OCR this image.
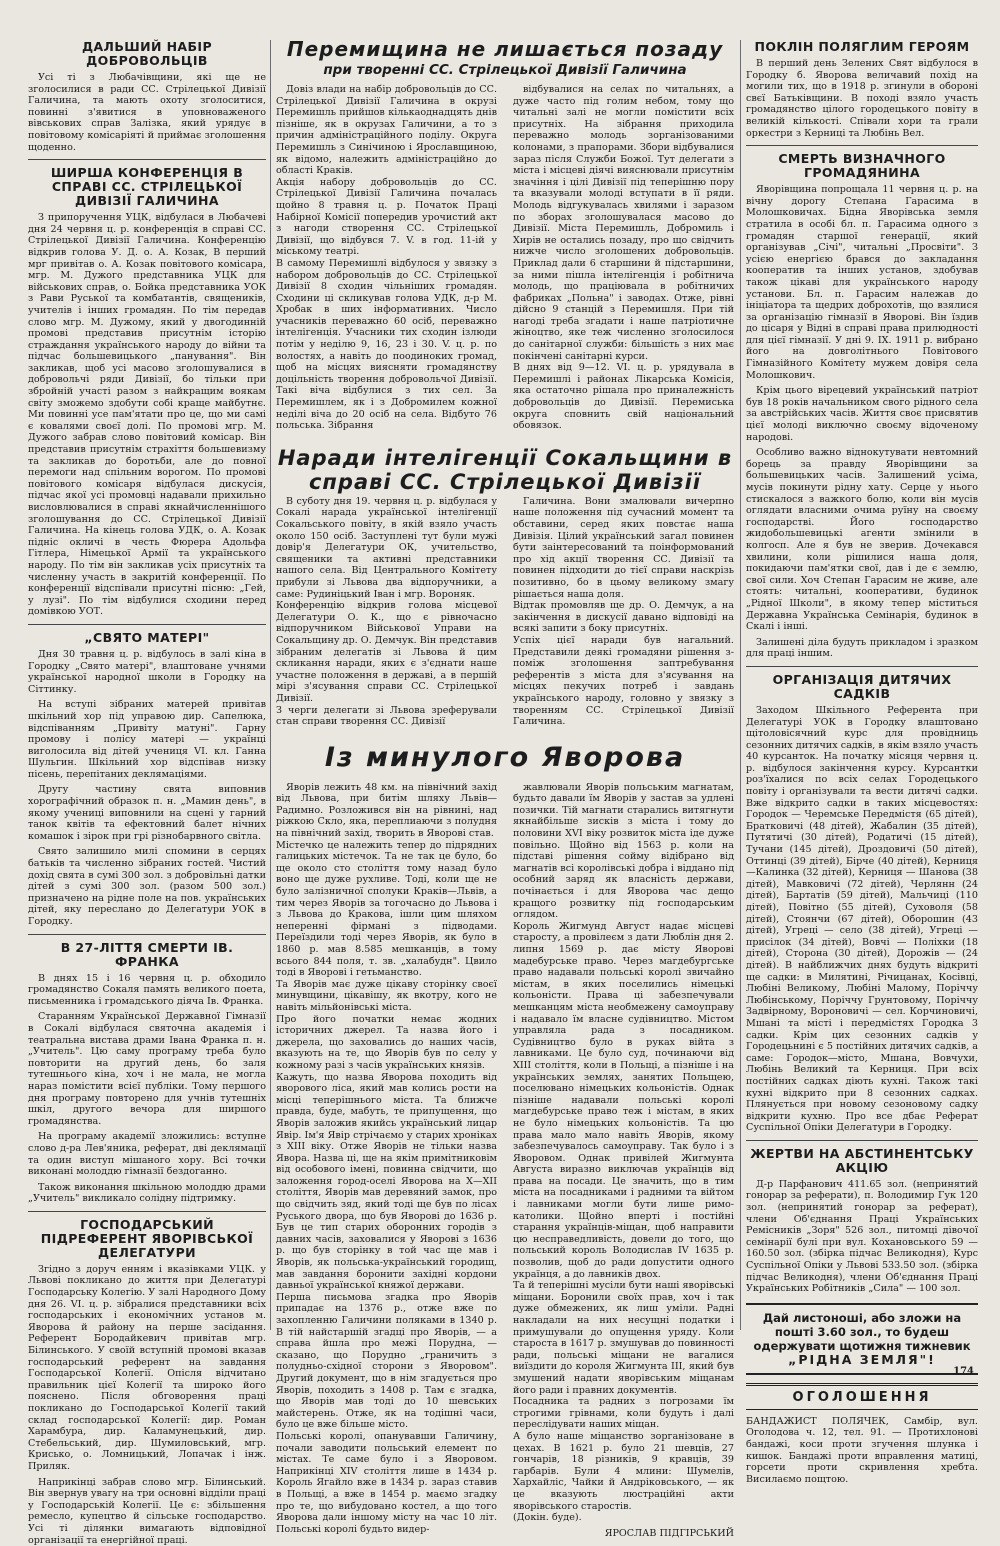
ДАЛЬШИЙ НАБІР ДОБРОВОЛЬЦІВ
Усі ті з Любачівщини, які ще не зголосилися в ради СС. Стрілецької Дивізії Галичина, та мають охоту зголоситися, повинні з'явитися в уповноваженого вівськових справ Залізка, який урядує в повітовому комісаріяті й приймає зголошення щоденно.
ШИРША КОНФЕРЕНЦІЯ В СПРАВІ СС. СТРІЛЕЦЬКОЇ ДИВІЗІЇ ГАЛИЧИНА
З припоручення УЦК, відбулася в Любачеві дня 24 червня ц. р. конференція в справі СС. Стрілецької Дивізії Галичина. Конференцію відкрив голова У. Д. о. А. Козак, В перший мрг привітав о. А. Козак повітового комісара, мгр. М. Дужого представника УЦК для військових справ, о. Бойка представника УОК з Рави Руської та комбатантів, священиків, учителів і інших громадян. По тім передав слово мгр. М. Дужому, який у двогодинній промові представив присутнім історію страждання українського народу до війни та підчас большевицького „панування". Він закликав, щоб усі масово зголошувалися в добровольчі ряди Дивізії, бо тільки при збройній участі разом з найкращим воякам світу зможемо здобути собі краще майбутнє. Ми повинні усе пам'ятати про це, що ми самі є ковалями своєї долі. По промові мгр. М. Дужого забрав слово повітовий комісар. Він представив присутнім страхіття большевизму та закликав до боротьби, але до повної перемоги над спільним ворогом. По промові повітового комісаря відбулася дискусія, підчас якої усі промовці надавали прихильно висловлювалися в справі якнайчисленнішого зголошування до СС. Стрілецької Дивізії Галичина. На кінець голова УДК, о. А. Козак підніс окличі в честь Фюрера Адольфа Гітлера, Німецької Армії та українського народу. По тім він закликав усіх присутніх та численну участь в закритій конференції. По конференції відспівали присутні пісню: „Гей, у лузі". По тім відбулися сходини перед домівкою УОТ.
„СВЯТО МАТЕРІ"
Дня 30 травня ц. р. відбулось в залі кіна в Городку „Свято матері", влаштоване учнями української народної школи в Городку на Сіттинку.
На вступі зібраних матерей привітав шкільний хор під управою дир. Сапелюка, відспіванням „Привіту матуні". Гарну промову і полісу матері — українці виголосила від дітей учениця VI. кл. Ганна Шульгин. Шкільний хор відспівав низку пісень, перепітаних деклямаціями.
Другу частину свята виповнив хорографічний образок п. н. „Мамин день", в якому учениці виповнили на сцені у гарний танок квітів та ефектовний балет нічних комашок і зірок при грі різнобарвного світла.
Свято залишило милі спомини в серцях батьків та численно зібраних гостей. Чистий дохід свята в сумі 300 зол. з добровільні датки дітей з сумі 300 зол. (разом 500 зол.) призначено на рідне поле на пов. українських дітей, яку переслано до Делегатури УОК в Городку.
В 27-ЛІТТЯ СМЕРТИ ІВ. ФРАНКА
В днях 15 і 16 червня ц. р. обходило громадянство Сокаля память великого поета, письменника і громадського діяча Ів. Франка.
Старанням Української Державної Гімназії в Сокалі відбулася святочна академія і театральна вистава драми Івана Франка п. н. „Учитель". Цю саму програму треба було повторити на другий день, бо заля тутешнього кіна, хоч і не мала, не могла нараз помістити всієї публіки. Тому першого дня програму повторено для учнів тутешніх шкіл, другого вечора для ширшого громадянства.
На програму академії зложились: вступне слово д-ра Лев'яника, реферат, дві деклямації та один виступ мішаного хору. Всі точки виконані молоддю гімназії бездоганно.
Також виконання шкільною молоддю драми „Учитель" викликало солідну підтримку.
ГОСПОДАРСЬКИЙ ПІДРЕФЕРЕНТ ЯВОРІВСЬКОЇ ДЕЛЕГАТУРИ
Згідно з доруч енням і вказівками УЦК. у Львові покликано до життя при Делегатурі Господарську Колегію. У залі Народного Дому дня 26. VI. ц. р. зібралися представники всіх господарських і економічних установ м. Яворова й району на перше засідання. Референт Бородайкевич привітав мгр. Білинського. У своїй вступній промові вказав господарський референт на завдання Господарської Колегії. Опісля відчитано правильник цієї Колегії та широко його пояснено. Після обговорення праці покликано до Господарської Колегії такий склад господарської Колегії: дир. Роман Харамбура, дир. Каламунецький, дир. Стебельський, дир. Шумиловський, мгр. Крисько, о. Ломницький, Лопачак і інж. Приляк.
Наприкінці забрав слово мгр. Білинський. Він звернув увагу на три основні відділи праці у Господарській Колегії. Це є: збільшення ремесло, купецтво й сільське господарство. Усі ті ділянки вимагають відповідної організації та енергійної праці.
Перемищина не лишається позаду
при творенні СС. Стрілецької Дивізії Галичина
Довіз влади на набір добровольців до СС. Стрілецької Дивізії Галичина в окрузі Перемишль прийшов кількаоднадцять днів пізніше, як в окрузах Галичини, а то з причин адміністраційного поділу. Округа Перемишль з Синічиною і Ярославщиною, як відомо, належить адміністраційно до області Краків.
Акція набору добровольців до СС. Стрілецької Дивізії Галичина почалась щойно 8 травня ц. р. Початок Праці Набірної Комісії попередив урочистий акт з нагоди створення СС. Стрілецької Дивізії, що відбувся 7. V. в год. 11-ій у міському театрі.
В самому Перемишлі відбулося у звязку з набором добровольців до СС. Стрілецької Дивізії 8 сходин чільніших громадян. Сходини ці скликував голова УДК, д-р М. Хробак в ших інформативних. Число учасників переважно 60 осіб, переважно інтелігенція. Учасники тих сходин ізлюди потім у неділю 9, 16, 23 і 30. V. ц. р. по волостях, а навіть до поодиноких громад, щоб на місцях виясняти громадянству доцільність творення добровольчої Дивізії. Такі віча відбулися з тих сел. За Перемишлем, як і з Добромилем кожної неділі віча до 20 осіб на села. Відбуто 76 польська. Зібрання
відбувалися на селах по читальнях, а дуже часто під голим небом, тому що читальні залі не могли помістити всіх присутніх. На зібрання приходила переважно молодь зорганізованими колонами, з прапорами. Збори відбувалися зараз після Служби Божої. Тут делегати з міста і місцеві діячі вияснювали присутнім значіння і цілі Дивізії під теперішню пору та вказували молоді вступати в її ряди. Молодь відгукувалась хвилями і заразом по зборах зголошувалася масово до Дивізії. Міста Перемишль, Добромиль і Хирів не остались позаду, про що свідчить нижче число зголошених добровольців. Приклад дали 6 старшини й підстаршини, за ними пішла інтелігенція і робітнича молодь, що праціювала в робітничих фабриках „Польна" і заводах. Отже, рівні дійсно 9 станцій з Перемишля. При тій нагоді треба згадати і наше патріотичне жіноцтво, яке теж численно зголосилося до санітарної служби: більшість з них має покінчені санітарні курси.
В днях від 9—12. VI. ц. р. урядувала в Перемишлі і районах Лікарська Комісія, яка остаточно рішала про приналежність добровольців до Дивізії. Перемиська округа сповнить свій національний обовязок.
Наради інтелігенції Сокальщини в справі СС. Стрілецької Дивізії
В суботу дня 19. червня ц. р. відбулася у Сокалі нарада української інтелігенції Сокальського повіту, в якій взяло участь около 150 осіб. Заступлені тут були мужі довір'я Делегатури ОК, учительство, священики та активні представники нашого села. Від Центрального Комітету прибули зі Львова два відпоручники, а саме: Рудиніцький Іван і мгр. Вороняк.
Конференцію відкрив голова місцевої Делегатури О. К., що є рівночасно відпоручником Військової Управи на Сокальщину др. О. Демчук. Він представив зібраним делегатів зі Львова й цим скликання наради, яких є з'єднати наше участне положення в державі, а в першій мірі з'ясування справи СС. Стрілецької Дивізії.
З черги делегати зі Львова зреферували стан справи творення СС. Дивізії
Галичина. Вони змалювали вичерпно наше положення під сучасний момент та обставини, серед яких повстає наша Дивізія. Цілий український загал повинен бути заінтересований та поінформований про хід акції творення СС. Дивізії та повинен підходити до тієї справи наскрізь позитивно, бо в цьому великому змагу рішається наша доля.
Відтак промовляв ще др. О. Демчук, а на закінчення в дискусії давано відповіді на всякі запити з боку присутніх.
Успіх цієї наради був нагальний. Представили деякі громадяни рішення з-поміж зголошення заптребування референтів з міста для з'ясування на місцях пекучих потреб і завдань українського народу, головно у звязку з творенням СС. Стрілецької Дивізії Галичина.
Із минулого Яворова
Яворів лежить 48 км. на північний захід від Львова, при битім шляху Львів—Радимно. Розложився він на рівнині, над ріжкою Скло, яка, переплиаючи з полудня на північний захід, творить в Яворові став.
Містечко це належить тепер до підрядних галицьких містечок. Та не так це було, бо ще около сто століття тому назад було воно ще дуже рухливе. Тоді, коли ще не було залізничної сполуки Краків—Львів, а тим через Яворів за тогочасно до Львова і з Львова до Кракова, ішли цим шляхом неперенні фірмані з підводами. Переїздили тоді через Яворів, як було в 1860 р. мав 8.585 мешканців, в тому всього 844 поля, т. зв. „халабудн". Цвило тоді в Яворові і гетьманство.
Та Яворів має дуже цікаву сторінку своєї минувщини, цікавішу, як вкотру, кого не навіть мільйонівські міста.
Про його початки немає жодних історичних джерел. Та назва його і джерела, що заховались до наших часів, вказують на те, що Яворів був по селу у кожному разі з часів українських князів.
Кажуть, що назва Яворова походить від яворового ліса, який мав колись рости на місці теперішнього міста. Та ближче правда, буде, мабуть, те припущення, що Яворів заложив якийсь український лицар Явір. Ім'я Явір стрічаємо у старих хроніках з XIII віку. Отже Яворів не тільки назва Явора. Назва ці, ще на якім примітниковім від особового імені, повинна свідчити, що заложення город-оселі Яворова на X—XII століття, Яворів мав деревяний замок, про що свідчить зяд, який тоді ще був по лісах Руського двора, що був Яворові до 1636 р. Був це тип старих оборонних городів з давних часів, заховалися у Яворові з 1636 р. що був сторінку в той час ще мав і Яворів, як польська-український городищ, мав завдання боронити західні кордони давньої української княжої держави.
Перша письмова згадка про Яворів припадає на 1376 р., отже вже по захопленню Галичини поляками в 1340 р. В тій найстаршій згадці про Яворів, — а справа йшла про межі Порудна, — сказано, що Порудно „граничить з полудньо-східної сторони з Яворовом". Другий документ, що в нім згадується про Яворів, походить з 1408 р. Там є згадка, що Яворів мав тоді до 10 шевських майстерень. Отже, як на тодішні часи, було це вже більше місто.
Польські королі, опанувавши Галичину, почали заводити польський елемент по містах. Те саме було і з Яворовом. Наприкінці XIV століття лише в 1434 р. Король Ягайло вже в 1434 р. зараз ставив в Польщі, а вже в 1454 р. маємо згадку про те, що вибудовано костел, а що того Яворова дали іншому місту на час 10 літ. Польські королі будьто видер-
жавлювали Яворів польським магнатам, будьто давали їм Яворів у застав за удлені позички. Тій магнати старались витягнути якнайбільше зисків з міста і тому до половини XVI віку розвиток міста іде дуже повільно. Щойно від 1563 р. коли на підставі рішення сойму відібрано від магнатів всі королівські добра і віддано під особний заряд як власність держави, почінається і для Яворова час дещо кращого розвитку під господарським оглядом.
Король Жигмунд Август надає місцеві старосту, а провілеєм з дати Люблін дня 2. липня 1569 р. дає місту Яворові мадебурське право. Через магдебургське право надавали польські королі звичайно містам, в яких поселились німецькі кольоністи. Права ці забезпечували мешканцям міста необмежену самоуправу і надавало їм власне судівництво. Містом управляла рада з посадником. Судівництво було в руках війта з лавниками. Це було суд, починаючи від XIII століття, коли в Польщі, а пізніше і на українських землях, занятих Польщею, поселювано німецьких кольоністів. Однак пізніше надавали польські королі магдебурське право теж і містам, в яких не було німецьких кольоністів. Та цю права мало мало навіть Яворів, якому забезпечувалось самоуправу. Так було і з Яворовом. Однак привілей Жигмунта Августа виразно виключав українців від права на посади. Це значить, що в тим міста на посадниками і радними та війтом і лавниками могли бути лише римо-католики. Щойно вперті і постійні старання українців-міщан, щоб направити цю несправедливість, довели до того, що польський король Володислав IV 1635 р. позволив, щоб до ради допустити одного українця, а до лавників двох.
Та й теперішні мусіли бути наші яворівські міщани. Боронили своїх прав, хоч і так дуже обмежених, як лиш уміли. Радні накладали на них несущні податки і примушували до опущення уряду. Коли староста в 1617 р. змушував до повинності ради, польські міщани не вагалися виїздити до короля Жигмунта III, який був змушений надати яворівським міщанам його ради і правних документів.
Посадника та радних з погрозами їм строгими грівнами, коли будуть і далі переслідувати наших міщан.
А було наше міщанство зорганізоване в цехах. В 1621 р. було 21 шевців, 27 гончарів, 18 різників, 9 кравців, 39 гарбарів. Були 4 млини: Шумелів, Хархайліс, Чайки й Андріковського, — як це вказують люстраційні акти яворівського старостів.
(Докін. буде).
ЯРОСЛАВ ПІДГІРСЬКИЙ
ПОКЛІН ПОЛЯГЛИМ ГЕРОЯМ
В перший день Зелених Свят відбулося в Городку б. Яворова величавий похід на могили тих, що в 1918 р. згинули в обороні свєї Батьківщини. В поході взяло участь громадянство цілого городецького повіту в великій кількості. Співали хори та грали оркестри з Керниці та Любінь Вел.
СМЕРТЬ ВИЗНАЧНОГО ГРОМАДЯНИНА
Яворівщина попрощала 11 червня ц. р. на вічну дорогу Степана Гарасима в Молошковичах. Бідна Яворівська земля стратила в особі бл. п. Гарасима одного з громадян старшої генерації, який організував „Січі", читальні „Просвіти". З усією енергією брався до закладання кооператив та інших установ, здобував також цікаві для українського народу установи. Бл. п. Гарасим належав до ініціатора та щедрих доброхотів, що взялися за організацію гімназії в Яворові. Він їздив до цісаря у Відні в справі права прилюдності для цієї гімназії. У дні 9. IX. 1911 р. вибрано його на довголітнього Повітового Гімназійного Комітету мужем довіря села Молошкович.
Крім цього вірецевий український патріот був 18 років начальником свого рідного села за австрійських часів. Життя своє присвятив цієї молоді виключно своєму відоченому народові.
Особливо важно віднокутувати невтомний борець за правду Яворівщини за большевицьких часів. Залишений усіма, мусів покинути рідну хату. Серце у нього стискалося з важкого болю, коли він мусів оглядати власними очима руїну на своєму господарстві. Його господарство жидобольшевицькі агенти змінили в колгосп. Але я був не зверив. Дочекався хвилини, коли рішилися наша доля, покидаючи пам'ятки свої, дав і де є землю, свої сили. Хоч Степан Гарасим не живе, але стоять: читальні, кооперативи, будинок „Рідної Школи", в якому тепер міститься Державна Українська Семінарія, будинок в Скалі і інші.
Залишені діла будуть прикладом і зразком для праці іншим.
ОРГАНІЗАЦІЯ ДИТЯЧИХ САДКІВ
Заходом Шкільного Референта при Делегатурі УОК в Городку влаштовано щітоловісячний курс для провідниць сезонних дитячих садків, в якім взяло участь 40 курсанток. На початку місяця червня ц. р. відбулося закінчення курсу. Курсантки роз'їхалися по всіх селах Городецького повіту і організували та вести дитячі садки. Вже відкрито садки в таких місцевостях: Городок — Черемське Передмістя (65 дітей), Братковичі (48 дітей), Жабалин (35 дітей), Путятичі (30 дітей), Родатичі (15 дітей), Тучани (145 дітей), Дроздовичі (50 дітей), Оттинці (39 дітей), Бірче (40 дітей), Керниця—Калинка (32 дітей), Керниця — Шанова (38 дітей), Мавковичі (72 дітей), Черлянн (24 дітей), Бартатів (59 дітей), Мальчиці (110 дітей), Повітно (55 дітей), Суховоля (58 дітей), Стоянчи (67 дітей), Оборошин (43 дітей), Угреці — село (38 дітей), Угреці — присілок (34 дітей), Вовчі — Поліхки (18 дітей), Сторона (30 дітей), Дорожів — (24 дітей). В найближчих днях будуть відкриті ще садки: в Милятині, Річицанах, Косівці, Любіні Великому, Любіні Малому, Поріччу Любінському, Поріччу Грунтовому, Поріччу Задвірному, Вороновичі — сел. Корчиновичі, Мшані та місті і передмістях Городка 3 садки. Крім цих сезонних садків у Городецьнині є 5 постійних дитячих садків, а саме: Городок—місто, Мшана, Вовчухи, Любінь Великий та Керниця. При всіх постійних садках діють кухні. Також такі кухні відкрито при 8 сезонних садках. Плянується при новому сезоновому садку відкрити кухню. Про все дбає Реферат Суспільної Опіки Делегатури в Городку.
ЖЕРТВИ НА АБСТИНЕНТСЬКУ АКЦІЮ
Д-р Парфанович 411.65 зол. (непринятий гонорар за реферати), п. Володимир Гук 120 зол. (непринятий гонорар за реферат), члени Об'єднання Праці Українських Ремісників „Зоря" 526 зол., питомці дівочої семінарії булі при вул. Кохановського 59 — 160.50 зол. (збірка підчас Великодня), Курс Суспільної Опіки у Львові 533.50 зол. (збірка підчас Великодня), члени Об'єднання Праці Українських Робітників „Сила" — 100 зол.
Дай листоноші, або зложи на пошті 3.60 зол., то будеш одержувати щотижня тижневик
„РІДНА ЗЕМЛЯ"!
ОГОЛОШЕННЯ
БАНДАЖИСТ ПОЛЯЧЕК, Самбір, вул. Оголодова ч. 12, тел. 91. — Протихлонові бандажі, коси проти згучення шлунка і кишок. Бандажі проти вправлення матиці, горсети проти скривлення хребта. Висилаємо пощтою.
174
